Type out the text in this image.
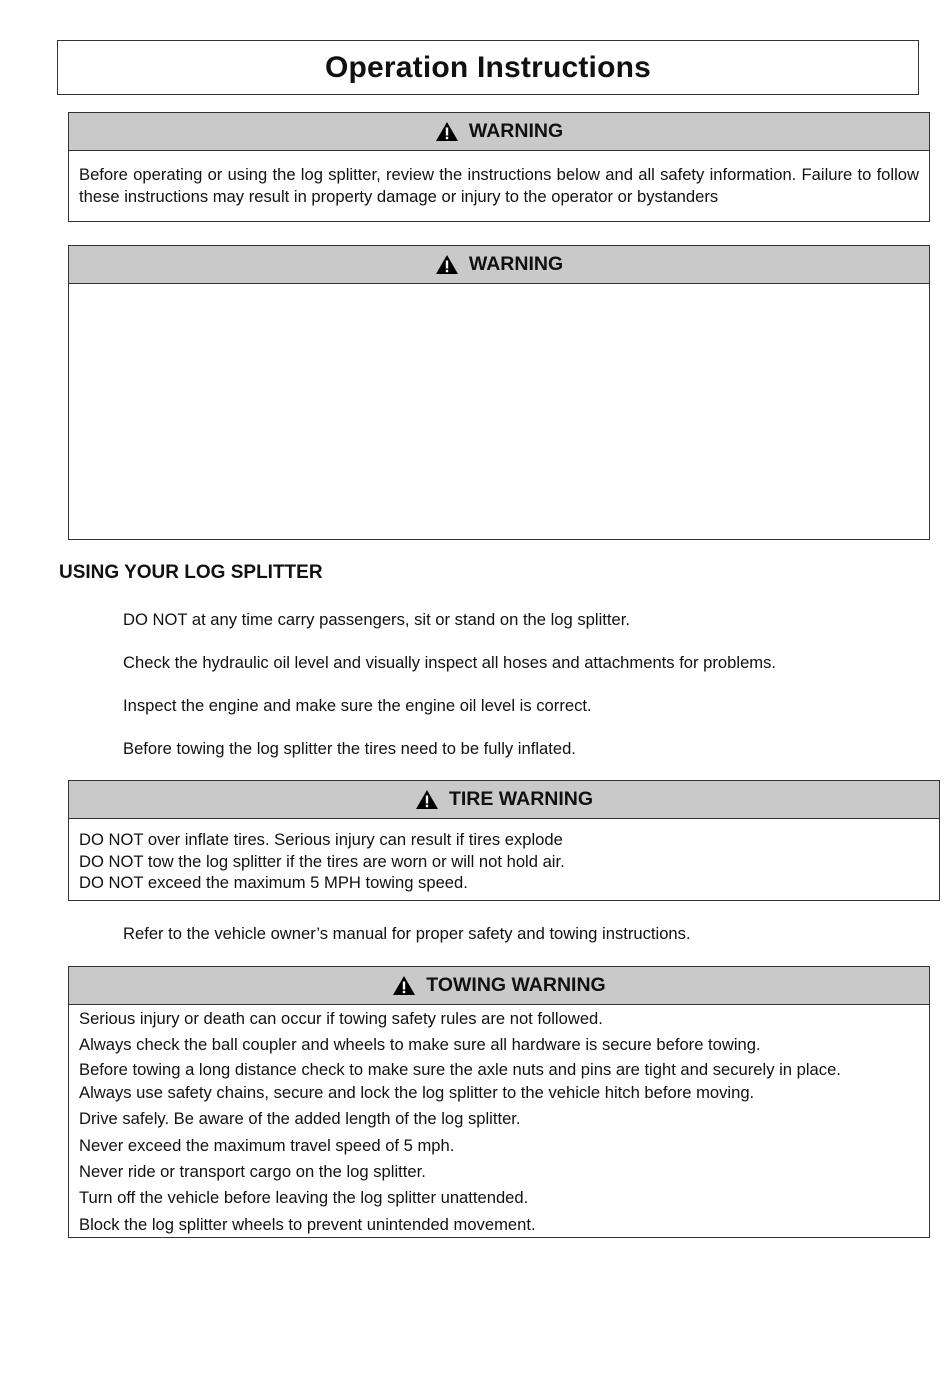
Operation Instructions
WARNING
Before operating or using the log splitter, review the instructions below and all safety information. Failure to follow these instructions may result in property damage or injury to the operator or bystanders
WARNING
USING YOUR LOG SPLITTER

DO NOT at any time carry passengers, sit or stand on the log splitter.

Check the hydraulic oil level and visually inspect all hoses and attachments for problems.

Inspect the engine and make sure the engine oil level is correct.

Before towing the log splitter the tires need to be fully inflated.

TIRE WARNING
DO NOT over inflate tires. Serious injury can result if tires explode
DO NOT tow the log splitter if the tires are worn or will not hold air.
DO NOT exceed the maximum 5 MPH towing speed.

Refer to the vehicle owner’s manual for proper safety and towing instructions.

TOWING WARNING
Serious injury or death can occur if towing safety rules are not followed.
Always check the ball coupler and wheels to make sure all hardware is secure before towing.
Before towing a long distance check to make sure the axle nuts and pins are tight and securely in place.
Always use safety chains, secure and lock the log splitter to the vehicle hitch before moving.
Drive safely. Be aware of the added length of the log splitter.
Never exceed the maximum travel speed of 5 mph.
Never ride or transport cargo on the log splitter.
Turn off the vehicle before leaving the log splitter unattended.
Block the log splitter wheels to prevent unintended movement.
